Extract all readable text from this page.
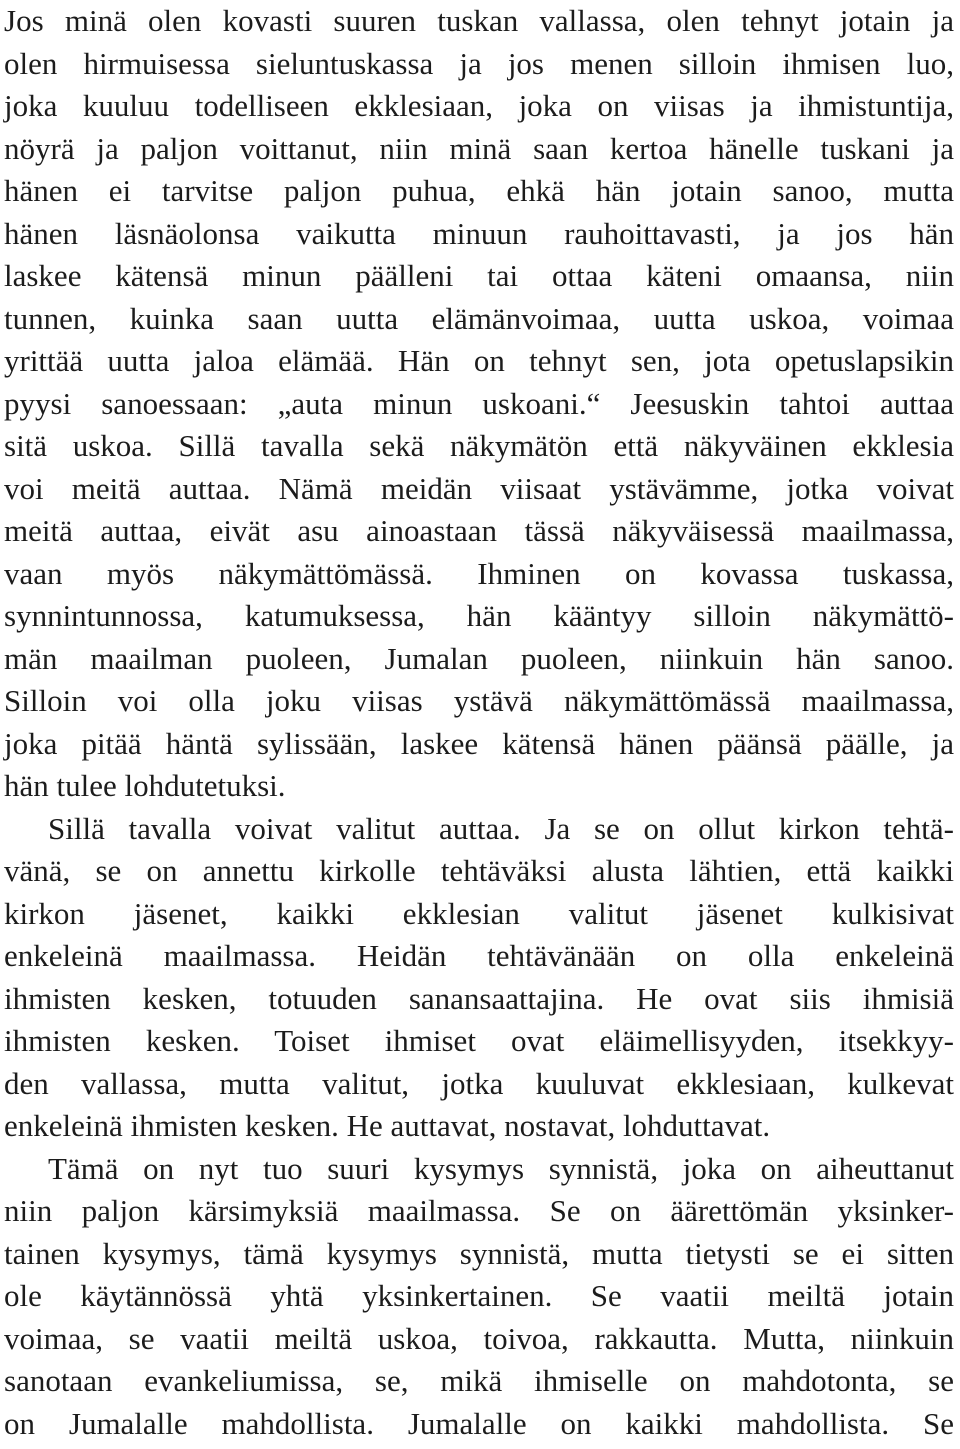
Jos minä olen kovasti suuren tuskan vallassa, olen tehnyt jotain ja
olen hirmuisessa sieluntuskassa ja jos menen silloin ihmisen luo,
joka kuuluu todelliseen ekklesiaan, joka on viisas ja ihmistuntija,
nöyrä ja paljon voittanut, niin minä saan kertoa hänelle tuskani ja
hänen ei tarvitse paljon puhua, ehkä hän jotain sanoo, mutta
hänen läsnäolonsa vaikutta minuun rauhoittavasti, ja jos hän
laskee kätensä minun päälleni tai ottaa käteni omaansa, niin
tunnen, kuinka saan uutta elämänvoimaa, uutta uskoa, voimaa
yrittää uutta jaloa elämää. Hän on tehnyt sen, jota opetuslapsikin
pyysi sanoessaan: „auta minun uskoani.“ Jeesuskin tahtoi auttaa
sitä uskoa. Sillä tavalla sekä näkymätön että näkyväinen ekklesia
voi meitä auttaa. Nämä meidän viisaat ystävämme, jotka voivat
meitä auttaa, eivät asu ainoastaan tässä näkyväisessä maailmassa,
vaan myös näkymättömässä. Ihminen on kovassa tuskassa,
synnintunnossa, katumuksessa, hän kääntyy silloin näkymättö-
män maailman puoleen, Jumalan puoleen, niinkuin hän sanoo.
Silloin voi olla joku viisas ystävä näkymättömässä maailmassa,
joka pitää häntä sylissään, laskee kätensä hänen päänsä päälle, ja
hän tulee lohdutetuksi.
Sillä tavalla voivat valitut auttaa. Ja se on ollut kirkon tehtä-
vänä, se on annettu kirkolle tehtäväksi alusta lähtien, että kaikki
kirkon jäsenet, kaikki ekklesian valitut jäsenet kulkisivat
enkeleinä maailmassa. Heidän tehtävänään on olla enkeleinä
ihmisten kesken, totuuden sanansaattajina. He ovat siis ihmisiä
ihmisten kesken. Toiset ihmiset ovat eläimellisyyden, itsekkyy-
den vallassa, mutta valitut, jotka kuuluvat ekklesiaan, kulkevat
enkeleinä ihmisten kesken. He auttavat, nostavat, lohduttavat.
Tämä on nyt tuo suuri kysymys synnistä, joka on aiheuttanut
niin paljon kärsimyksiä maailmassa. Se on äärettömän yksinker-
tainen kysymys, tämä kysymys synnistä, mutta tietysti se ei sitten
ole käytännössä yhtä yksinkertainen. Se vaatii meiltä jotain
voimaa, se vaatii meiltä uskoa, toivoa, rakkautta. Mutta, niinkuin
sanotaan evankeliumissa, se, mikä ihmiselle on mahdotonta, se
on Jumalalle mahdollista. Jumalalle on kaikki mahdollista. Se
